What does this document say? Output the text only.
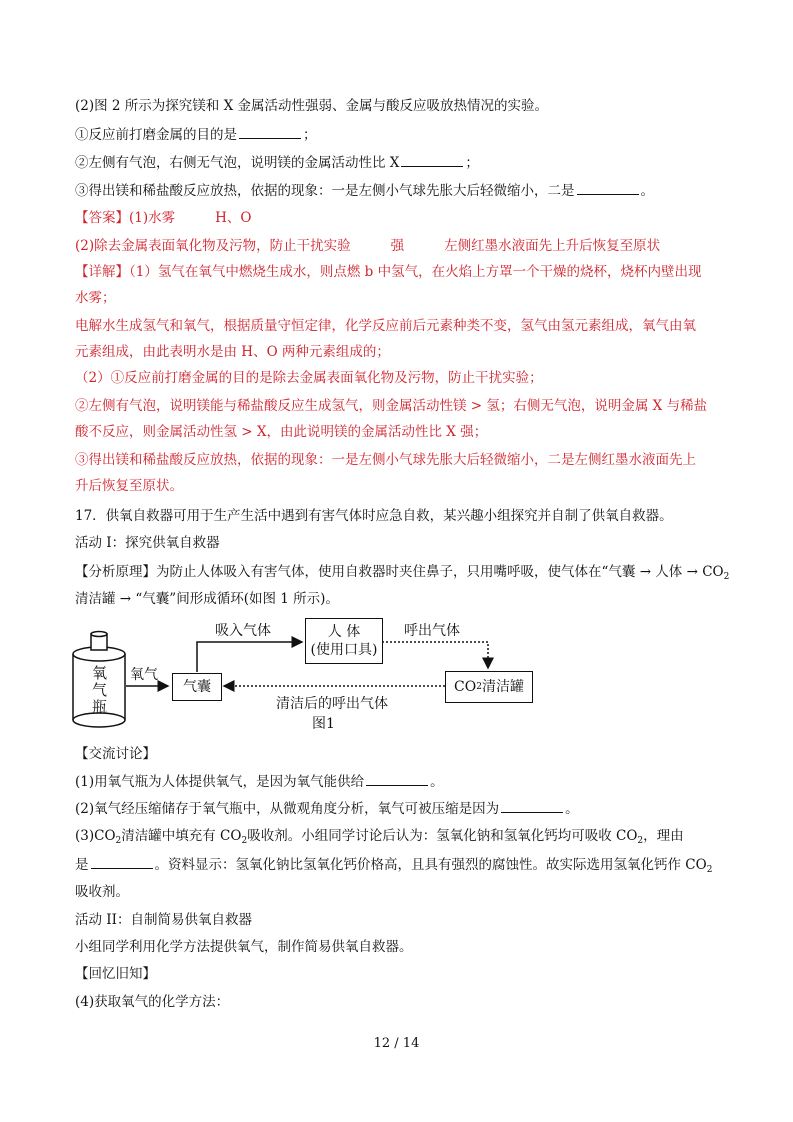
(2)图 2 所示为探究镁和 X 金属活动性强弱、金属与酸反应吸放热情况的实验。
①反应前打磨金属的目的是	；
②左侧有气泡，右侧无气泡，说明镁的金属活动性比 X	；
③得出镁和稀盐酸反应放热，依据的现象：一是左侧小气球先胀大后轻微缩小，二是	。
【答案】(1)水雾	H、O
(2)除去金属表面氧化物及污物，防止干扰实验	强	左侧红墨水液面先上升后恢复至原状
【详解】（1）氢气在氧气中燃烧生成水，则点燃 b 中氢气，在火焰上方罩一个干燥的烧杯，烧杯内壁出现
水雾；
电解水生成氢气和氧气，根据质量守恒定律，化学反应前后元素种类不变，氢气由氢元素组成，氧气由氧
元素组成，由此表明水是由 H、O 两种元素组成的；
（2）①反应前打磨金属的目的是除去金属表面氧化物及污物，防止干扰实验；
②左侧有气泡，说明镁能与稀盐酸反应生成氢气，则金属活动性镁 > 氢；右侧无气泡，说明金属 X 与稀盐
酸不反应，则金属活动性氢 > X，由此说明镁的金属活动性比 X 强；
③得出镁和稀盐酸反应放热，依据的现象：一是左侧小气球先胀大后轻微缩小，二是左侧红墨水液面先上
升后恢复至原状。
17．供氧自救器可用于生产生活中遇到有害气体时应急自救，某兴趣小组探究并自制了供氧自救器。
活动 I：探究供氧自救器
【分析原理】为防止人体吸入有害气体，使用自救器时夹住鼻子，只用嘴呼吸，使气体在“气囊 → 人体 → $CO_2$
清洁罐 → “气囊”间形成循环(如图 1 所示)。
氧气瓶	氧气
气囊
吸入气体	人 体
(使用口具)
呼出气体
CO 2 清洁罐
清洁后的呼出气体
图1
【交流讨论】
(1)用氧气瓶为人体提供氧气，是因为氧气能供给	。
(2)氧气经压缩储存于氧气瓶中，从微观角度分析，氧气可被压缩是因为	。
$(3)CO_2$清洁罐中填充有 $CO_2$吸收剂。小组同学讨论后认为：氢氧化钠和氢氧化钙均可吸收 $CO_2$，理由
是	。资料显示：氢氧化钠比氢氧化钙价格高，且具有强烈的腐蚀性。故实际选用氢氧化钙作 $CO_2$
吸收剂。
活动 II：自制简易供氧自救器
小组同学利用化学方法提供氧气，制作简易供氧自救器。
【回忆旧知】
(4)获取氧气的化学方法：
12 / 14
